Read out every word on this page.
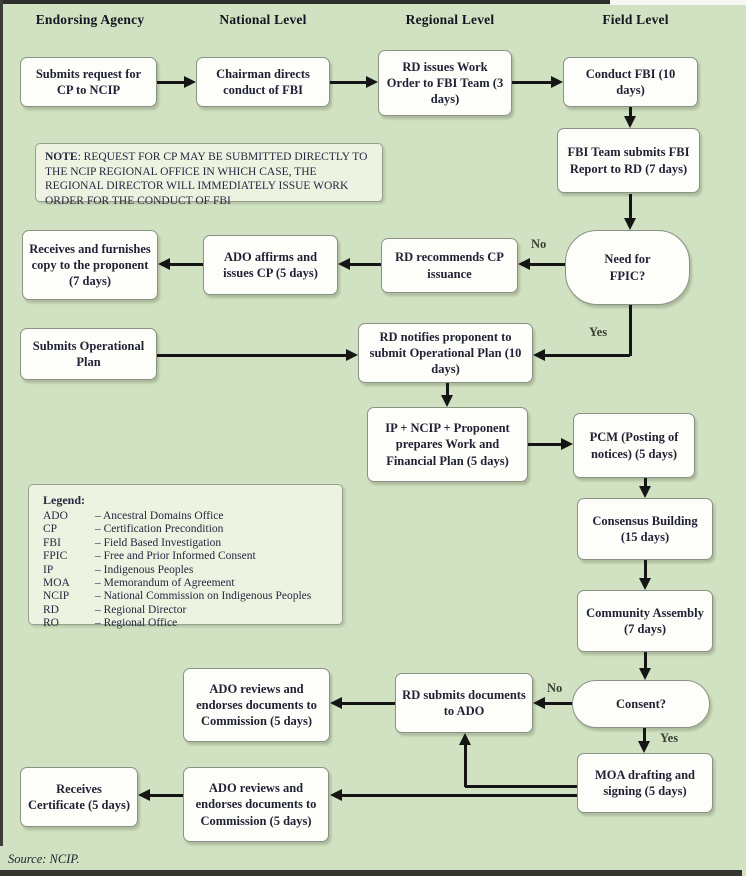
Endorsing Agency	National Level	Regional Level	Field Level
Submits request for CP to NCIP
Chairman directs conduct of FBI
RD issues Work Order to FBI Team (3 days)
Conduct FBI (10 days)
FBI Team submits FBI Report to RD (7 days)
NOTE: REQUEST FOR CP MAY BE SUBMITTED DIRECTLY TO THE NCIP REGIONAL OFFICE IN WHICH CASE, THE REGIONAL DIRECTOR WILL IMMEDIATELY ISSUE WORK ORDER FOR THE CONDUCT OF FBI
Need for FPIC?
Receives and furnishes copy to the proponent (7 days)
ADO affirms and issues CP (5 days)
RD recommends CP issuance
Submits Operational Plan
RD notifies proponent to submit Operational Plan (10 days)
IP + NCIP + Proponent prepares Work and Financial Plan (5 days)
PCM (Posting of notices) (5 days)
Consensus Building (15 days)
Community Assembly (7 days)
Legend:
ADO	– Ancestral Domains Office
CP	– Certification Precondition
FBI	– Field Based Investigation
FPIC	– Free and Prior Informed Consent
IP	– Indigenous Peoples
MOA	– Memorandum of Agreement
NCIP	– National Commission on Indigenous Peoples
RD	– Regional Director
RO	– Regional Office
Consent?
RD submits documents to ADO
ADO reviews and endorses documents to Commission (5 days)
MOA drafting and signing (5 days)
ADO reviews and endorses documents to Commission (5 days)
Receives Certificate (5 days)
No
Yes
No
Yes
Source: NCIP.
